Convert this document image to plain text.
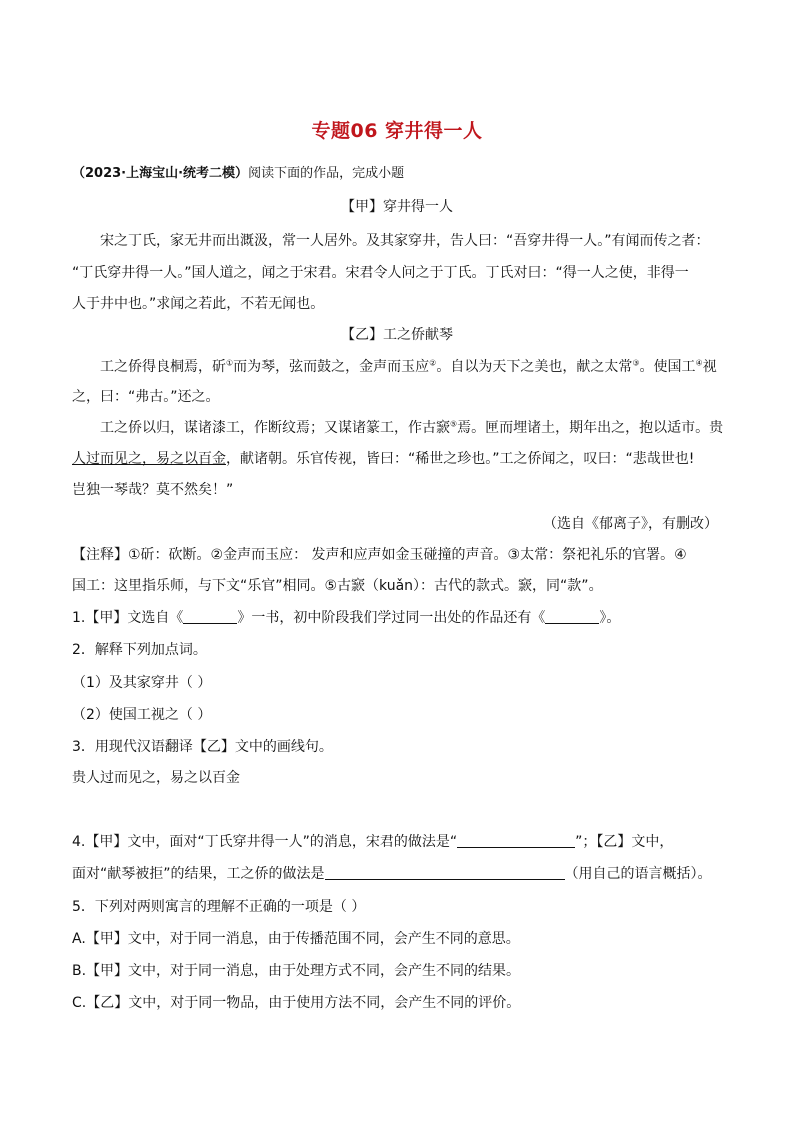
专题06 穿井得一人
（2023·上海宝山·统考二模）阅读下面的作品，完成小题
【甲】穿井得一人
宋之丁氏，家无井而出溉汲，常一人居外。及其家穿井，告人曰：“吾穿井得一人。”有闻而传之者：
“丁氏穿井得一人。”国人道之，闻之于宋君。宋君令人问之于丁氏。丁氏对曰：“得一人之使，非得一
人于井中也。”求闻之若此，不若无闻也。
【乙】工之侨献琴
工之侨得良桐焉，斫①而为琴，弦而鼓之，金声而玉应②。自以为天下之美也，献之太常③。使国工④视
之，曰：“弗古。”还之。
工之侨以归，谋诸漆工，作断纹焉；又谋诸篆工，作古窾⑤焉。匣而埋诸土，期年出之，抱以适市。贵
人过而见之，易之以百金，献诸朝。乐官传视，皆曰：“稀世之珍也。”工之侨闻之，叹曰：“悲哉世也!
岂独一琴哉？莫不然矣！”
（选自《郁离子》，有删改）
【注释】①斫：砍断。②金声而玉应： 发声和应声如金玉碰撞的声音。③太常：祭祀礼乐的官署。④
国工：这里指乐师，与下文“乐官”相同。⑤古窾（kuǎn）：古代的款式。窾，同“款”。
1.【甲】文选自《	》一书，初中阶段我们学过同一出处的作品还有《	》。
2．解释下列加点词。
（1）及其家穿井（ ）
（2）使国工视之（ ）
3．用现代汉语翻译【乙】文中的画线句。
贵人过而见之，易之以百金
4.【甲】文中，面对“丁氏穿井得一人”的消息，宋君的做法是“	”；【乙】文中，
面对“献琴被拒”的结果，工之侨的做法是	（用自己的语言概括）。
5．下列对两则寓言的理解不正确的一项是（ ）
A.【甲】文中，对于同一消息，由于传播范围不同，会产生不同的意思。
B.【甲】文中，对于同一消息，由于处理方式不同，会产生不同的结果。
C.【乙】文中，对于同一物品，由于使用方法不同，会产生不同的评价。
